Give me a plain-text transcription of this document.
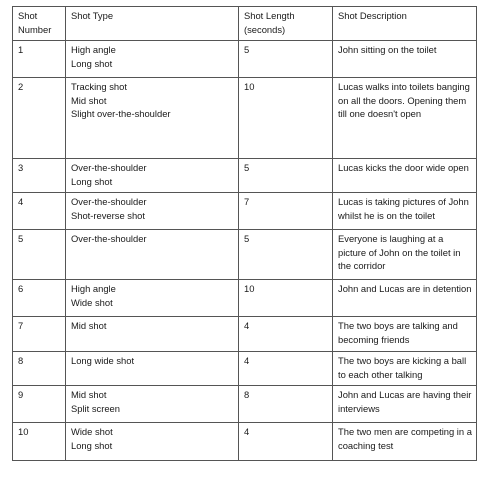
Shot Number	Shot Type	Shot Length (seconds)	Shot Description
1	High angle
Long shot	5	John sitting on the toilet

2	Tracking shot
Mid shot
Slight over-the-shoulder	10	Lucas walks into toilets banging on all the doors. Opening them till one doesn't open

3	Over-the-shoulder
Long shot	5	Lucas kicks the door wide open

4	Over-the-shoulder
Shot-reverse shot	7	Lucas is taking pictures of John whilst he is on the toilet

5	Over-the-shoulder	5	Everyone is laughing at a picture of John on the toilet in the corridor

6	High angle
Wide shot	10	John and Lucas are in detention

7	Mid shot	4	The two boys are talking and becoming friends

8	Long wide shot	4	The two boys are kicking a ball to each other talking

9	Mid shot
Split screen	8	John and Lucas are having their interviews

10	Wide shot
Long shot	4	The two men are competing in a coaching test
